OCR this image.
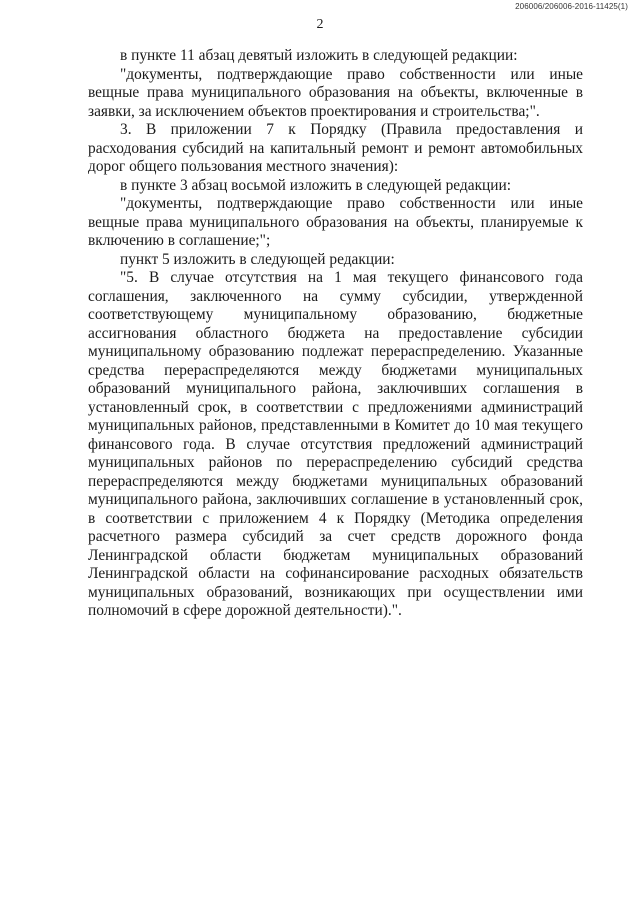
206006/206006-2016-11425(1)
2

в пункте 11 абзац девятый изложить в следующей редакции:

"документы, подтверждающие право собственности или иные вещные права муниципального образования на объекты, включенные в заявки, за исключением объектов проектирования и строительства;".

3. В приложении 7 к Порядку (Правила предоставления и расходования субсидий на капитальный ремонт и ремонт автомобильных дорог общего пользования местного значения):

в пункте 3 абзац восьмой изложить в следующей редакции:

"документы, подтверждающие право собственности или иные вещные права муниципального образования на объекты, планируемые к включению в соглашение;";

пункт 5 изложить в следующей редакции:

"5. В случае отсутствия на 1 мая текущего финансового года соглашения, заключенного на сумму субсидии, утвержденной соответствующему муниципальному образованию, бюджетные ассигнования областного бюджета на предоставление субсидии муниципальному образованию подлежат перераспределению. Указанные средства перераспределяются между бюджетами муниципальных образований муниципального района, заключивших соглашения в установленный срок, в соответствии с предложениями администраций муниципальных районов, представленными в Комитет до 10 мая текущего финансового года. В случае отсутствия предложений администраций муниципальных районов по перераспределению субсидий средства перераспределяются между бюджетами муниципальных образований муниципального района, заключивших соглашение в установленный срок, в соответствии с приложением 4 к Порядку (Методика определения расчетного размера субсидий за счет средств дорожного фонда Ленинградской области бюджетам муниципальных образований Ленинградской области на софинансирование расходных обязательств муниципальных образований, возникающих при осуществлении ими полномочий в сфере дорожной деятельности).".
